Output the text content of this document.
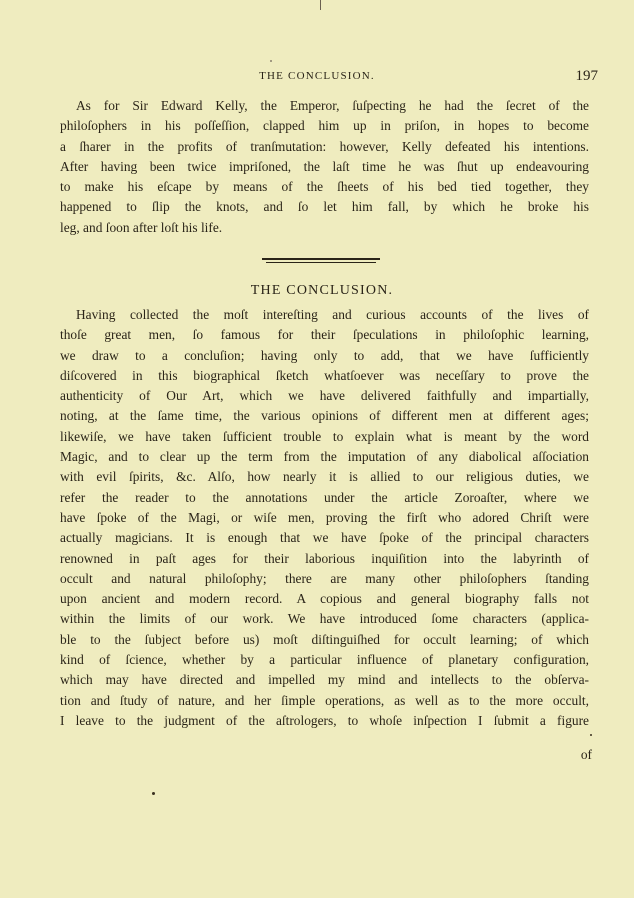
THE CONCLUSION.	197
As for Sir Edward Kelly, the Emperor, ſuſpecting he had the ſecret of the
philoſophers in his poſſeſſion, clapped him up in priſon, in hopes to become
a ſharer in the profits of tranſmutation: however, Kelly defeated his intentions.
After having been twice impriſoned, the laſt time he was ſhut up endeavouring
to make his eſcape by means of the ſheets of his bed tied together, they
happened to ſlip the knots, and ſo let him fall, by which he broke his
leg, and ſoon after loſt his life.
THE CONCLUSION.
Having collected the moſt intereſting and curious accounts of the lives of
thoſe great men, ſo famous for their ſpeculations in philoſophic learning,
we draw to a concluſion; having only to add, that we have ſufficiently
diſcovered in this biographical ſketch whatſoever was neceſſary to prove the
authenticity of Our Art, which we have delivered faithfully and impartially,
noting, at the ſame time, the various opinions of different men at different ages;
likewiſe, we have taken ſufficient trouble to explain what is meant by the word
Magic, and to clear up the term from the imputation of any diabolical aſſociation
with evil ſpirits, &c. Alſo, how nearly it is allied to our religious duties, we
refer the reader to the annotations under the article Zoroaſter, where we
have ſpoke of the Magi, or wiſe men, proving the firſt who adored Chriſt were
actually magicians. It is enough that we have ſpoke of the principal characters
renowned in paſt ages for their laborious inquiſition into the labyrinth of
occult and natural philoſophy; there are many other philoſophers ſtanding
upon ancient and modern record. A copious and general biography falls not
within the limits of our work. We have introduced ſome characters (applica-
ble to the ſubject before us) moſt diſtinguiſhed for occult learning; of which
kind of ſcience, whether by a particular influence of planetary configuration,
which may have directed and impelled my mind and intellects to the obſerva-
tion and ſtudy of nature, and her ſimple operations, as well as to the more occult,
I leave to the judgment of the aſtrologers, to whoſe inſpection I ſubmit a figure
of
